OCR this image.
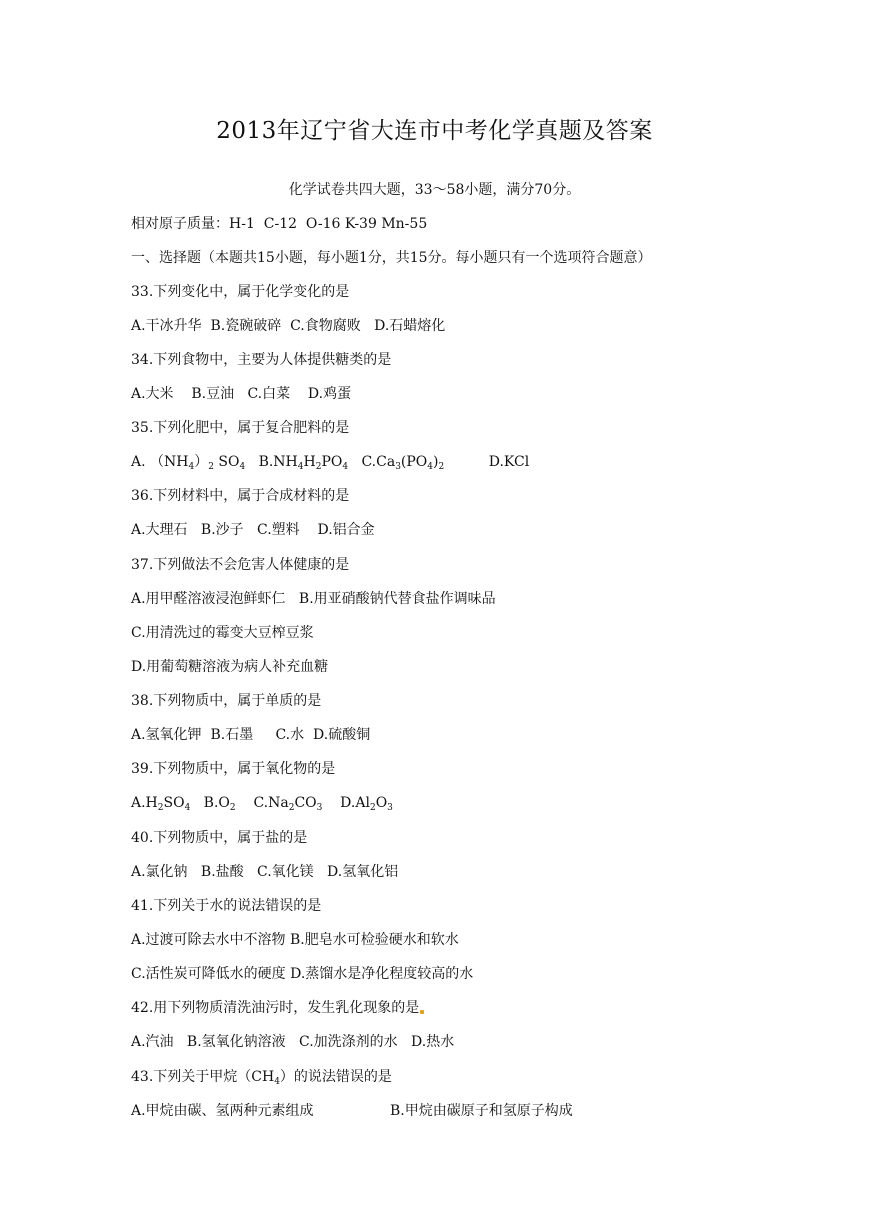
2013年辽宁省大连市中考化学真题及答案
化学试卷共四大题，33～58小题，满分70分。
相对原子质量：H-1  C-12  O-16 K-39 Mn-55
一、选择题（本题共15小题，每小题1分，共15分。每小题只有一个选项符合题意）
33.下列变化中，属于化学变化的是
A.干冰升华  B.瓷碗破碎  C.食物腐败   D.石蜡熔化
34.下列食物中，主要为人体提供糖类的是
A.大米    B.豆油   C.白菜    D.鸡蛋
35.下列化肥中，属于复合肥料的是
A. $(NH_4)_2$ $SO_4$   $B.NH_4H_2PO_4$   $C.Ca_3(PO_4)_2$          D.KCl
36.下列材料中，属于合成材料的是
A.大理石   B.沙子   C.塑料    D.铝合金
37.下列做法不会危害人体健康的是
A.用甲醛溶液浸泡鲜虾仁   B.用亚硝酸钠代替食盐作调味品
C.用清洗过的霉变大豆榨豆浆
D.用葡萄糖溶液为病人补充血糖
38.下列物质中，属于单质的是
A.氢氧化钾  B.石墨     C.水  D.硫酸铜
39.下列物质中，属于氧化物的是
$A.H_2SO_4$   $B.O_2$    $C.Na_2CO_3$    $D.Al_2O_3$
40.下列物质中，属于盐的是
A.氯化钠   B.盐酸   C.氧化镁   D.氢氧化铝
41.下列关于水的说法错误的是
A.过渡可除去水中不溶物 B.肥皂水可检验硬水和软水
C.活性炭可降低水的硬度 D.蒸馏水是净化程度较高的水
42.用下列物质清洗油污时，发生乳化现象的是
A.汽油   B.氢氧化钠溶液   C.加洗涤剂的水   D.热水
43.下列关于甲烷$(CH_4)$的说法错误的是
A.甲烷由碳、氢两种元素组成	B.甲烷由碳原子和氢原子构成
